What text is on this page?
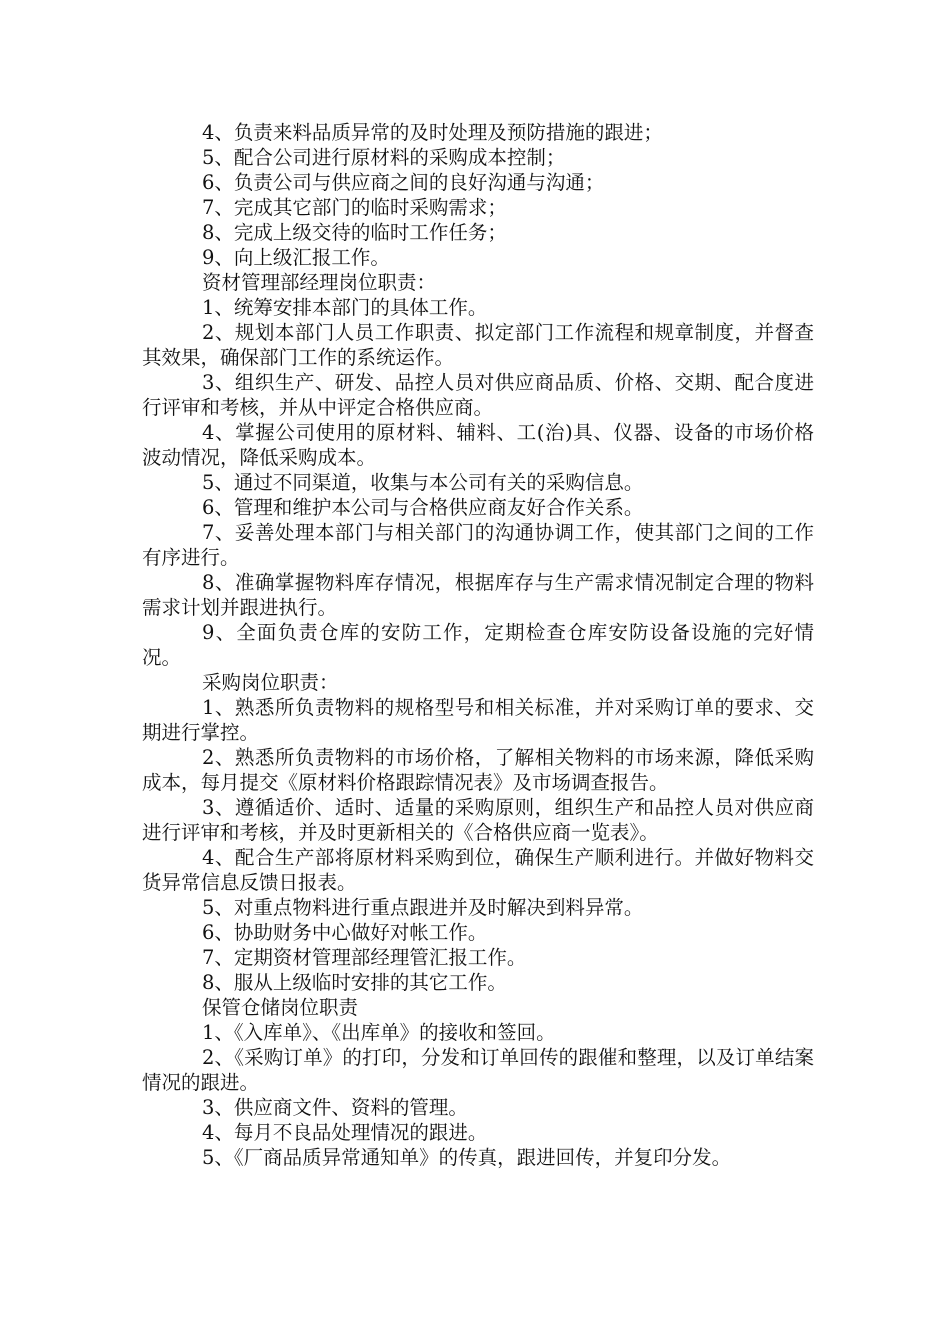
4、负责来料品质异常的及时处理及预防措施的跟进；

5、配合公司进行原材料的采购成本控制；

6、负责公司与供应商之间的良好沟通与沟通；

7、完成其它部门的临时采购需求；

8、完成上级交待的临时工作任务；

9、向上级汇报工作。

资材管理部经理岗位职责：

1、统筹安排本部门的具体工作。

2、规划本部门人员工作职责、拟定部门工作流程和规章制度，并督查其效果，确保部门工作的系统运作。

3、组织生产、研发、品控人员对供应商品质、价格、交期、配合度进行评审和考核，并从中评定合格供应商。

4、掌握公司使用的原材料、辅料、工(治)具、仪器、设备的市场价格波动情况，降低采购成本。

5、通过不同渠道，收集与本公司有关的采购信息。

6、管理和维护本公司与合格供应商友好合作关系。

7、妥善处理本部门与相关部门的沟通协调工作，使其部门之间的工作有序进行。

8、准确掌握物料库存情况，根据库存与生产需求情况制定合理的物料需求计划并跟进执行。

9、全面负责仓库的安防工作，定期检查仓库安防设备设施的完好情况。

采购岗位职责：

1、熟悉所负责物料的规格型号和相关标准，并对采购订单的要求、交期进行掌控。

2、熟悉所负责物料的市场价格，了解相关物料的市场来源，降低采购成本，每月提交《原材料价格跟踪情况表》及市场调查报告。

3、遵循适价、适时、适量的采购原则，组织生产和品控人员对供应商进行评审和考核，并及时更新相关的《合格供应商一览表》。

4、配合生产部将原材料采购到位，确保生产顺利进行。并做好物料交货异常信息反馈日报表。

5、对重点物料进行重点跟进并及时解决到料异常。

6、协助财务中心做好对帐工作。

7、定期资材管理部经理管汇报工作。

8、服从上级临时安排的其它工作。

保管仓储岗位职责

1、《入库单》、《出库单》的接收和签回。

2、《采购订单》的打印，分发和订单回传的跟催和整理，以及订单结案情况的跟进。

3、供应商文件、资料的管理。

4、每月不良品处理情况的跟进。

5、《厂商品质异常通知单》的传真，跟进回传，并复印分发。
